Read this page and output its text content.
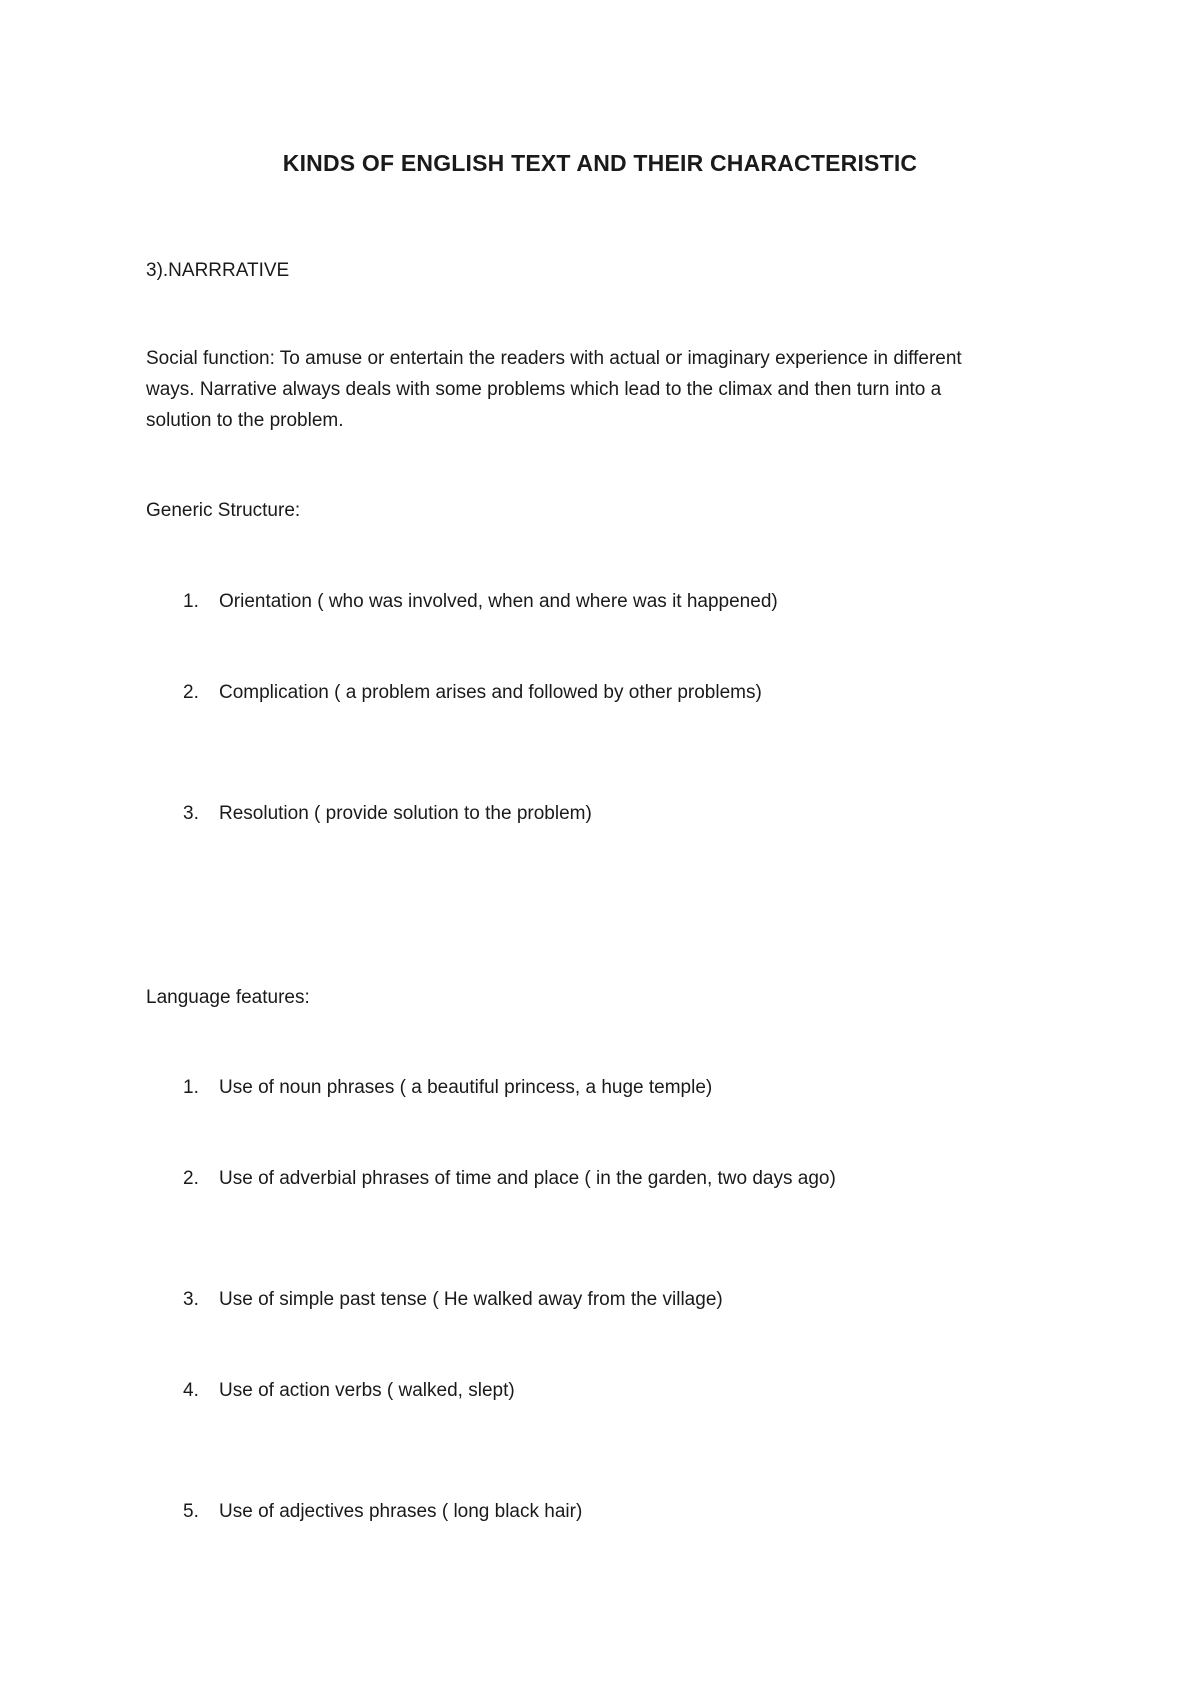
KINDS OF ENGLISH TEXT AND THEIR CHARACTERISTIC
3).NARRRATIVE
Social function: To amuse or entertain the readers with actual or imaginary experience in different
ways. Narrative always deals with some problems which lead to the climax and then turn into a
solution to the problem.
Generic Structure:
1.	Orientation ( who was involved, when and where was it happened)
2.	Complication ( a problem arises and followed by other problems)
3.	Resolution ( provide solution to the problem)
Language features:
1.	Use of noun phrases ( a beautiful princess, a huge temple)
2.	Use of adverbial phrases of time and place ( in the garden, two days ago)
3.	Use of simple past tense ( He walked away from the village)
4.	Use of action verbs ( walked, slept)
5.	Use of adjectives phrases ( long black hair)
